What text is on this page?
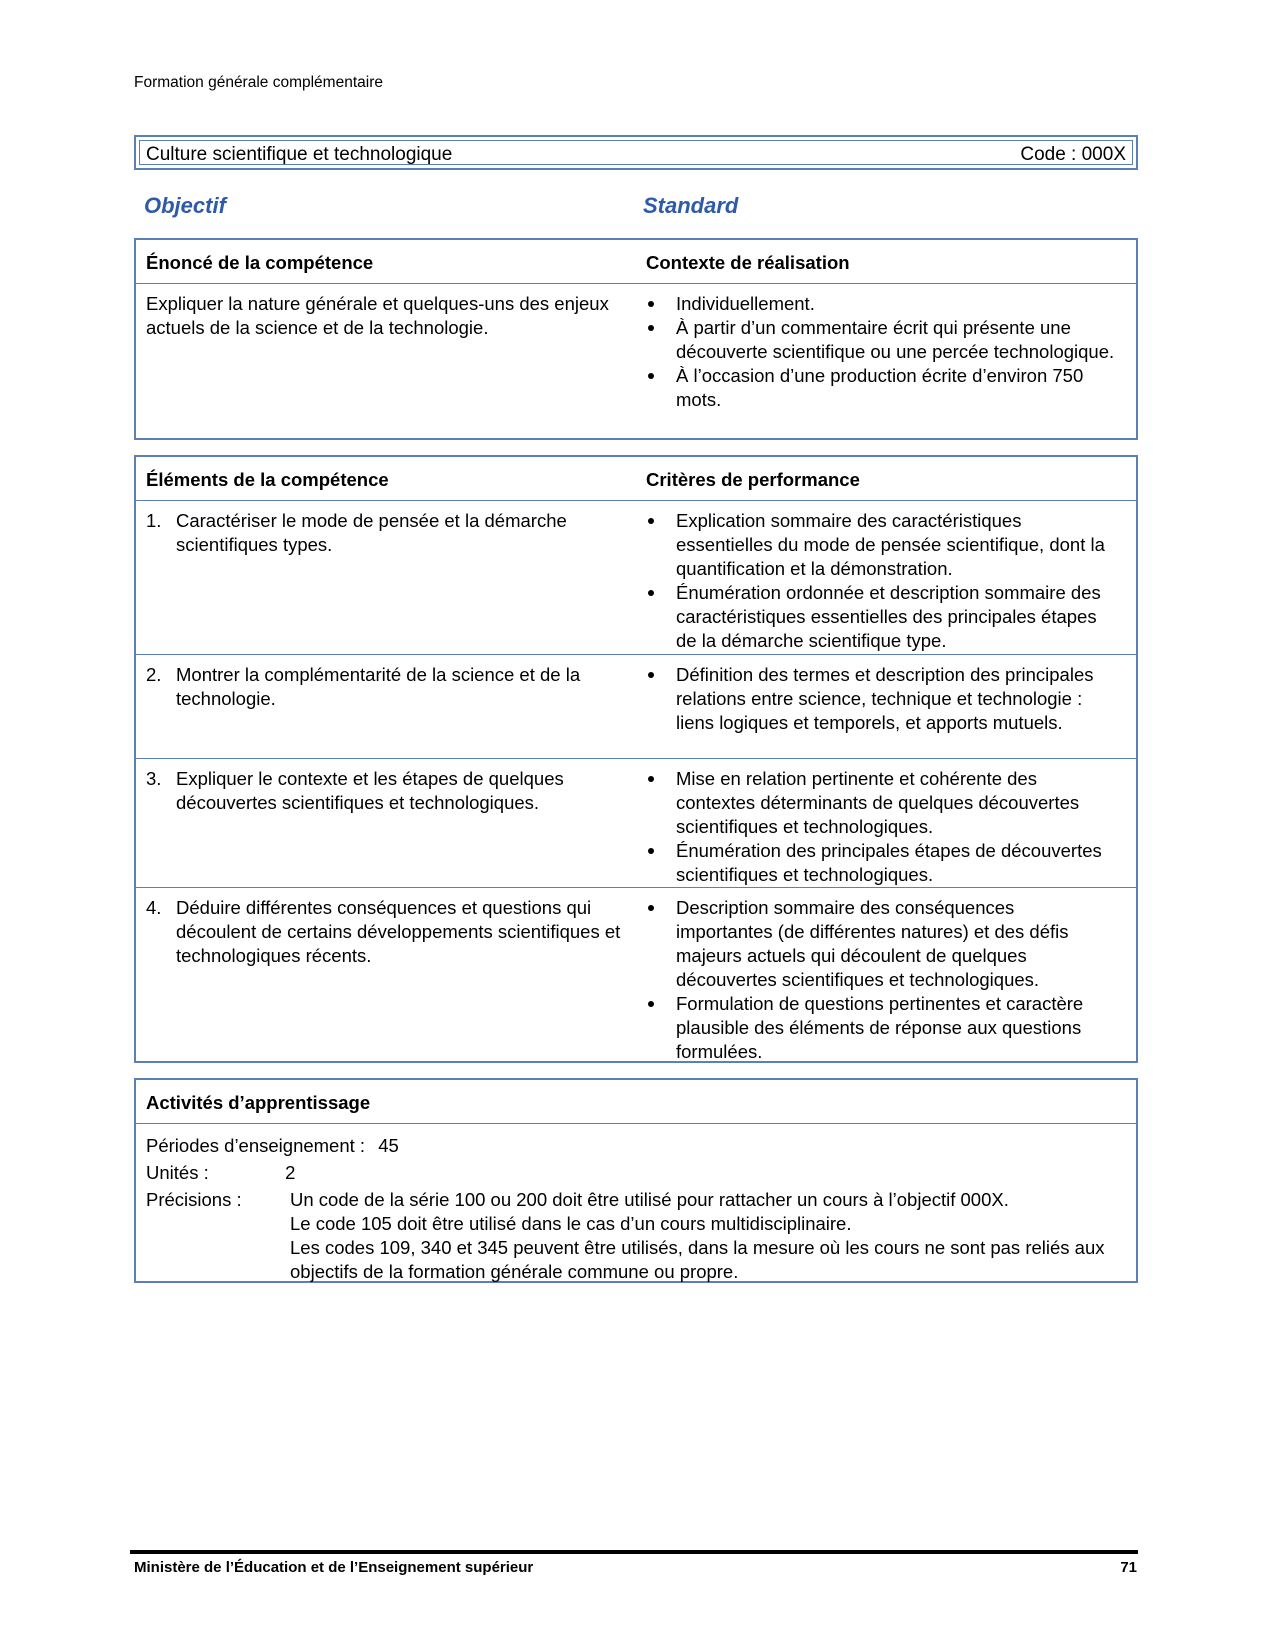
Formation générale complémentaire
Culture scientifique et technologique	Code : 000X
Objectif	Standard
Énoncé de la compétence	Contexte de réalisation
Expliquer la nature générale et quelques-uns des enjeux actuels de la science et de la technologie.
Individuellement.
À partir d’un commentaire écrit qui présente une découverte scientifique ou une percée technologique.
À l’occasion d’une production écrite d’environ 750 mots.
Éléments de la compétence	Critères de performance
1. Caractériser le mode de pensée et la démarche scientifiques types.
Explication sommaire des caractéristiques essentielles du mode de pensée scientifique, dont la quantification et la démonstration.
Énumération ordonnée et description sommaire des caractéristiques essentielles des principales étapes de la démarche scientifique type.
2. Montrer la complémentarité de la science et de la technologie.
Définition des termes et description des principales relations entre science, technique et technologie : liens logiques et temporels, et apports mutuels.
3. Expliquer le contexte et les étapes de quelques découvertes scientifiques et technologiques.
Mise en relation pertinente et cohérente des contextes déterminants de quelques découvertes scientifiques et technologiques.
Énumération des principales étapes de découvertes scientifiques et technologiques.
4. Déduire différentes conséquences et questions qui découlent de certains développements scientifiques et technologiques récents.
Description sommaire des conséquences importantes (de différentes natures) et des défis majeurs actuels qui découlent de quelques découvertes scientifiques et technologiques.
Formulation de questions pertinentes et caractère plausible des éléments de réponse aux questions formulées.
Activités d’apprentissage
Périodes d’enseignement : 45
Unités :	2
Précisions :	Un code de la série 100 ou 200 doit être utilisé pour rattacher un cours à l’objectif 000X.
Le code 105 doit être utilisé dans le cas d’un cours multidisciplinaire.
Les codes 109, 340 et 345 peuvent être utilisés, dans la mesure où les cours ne sont pas reliés aux objectifs de la formation générale commune ou propre.
Ministère de l’Éducation et de l’Enseignement supérieur	71
